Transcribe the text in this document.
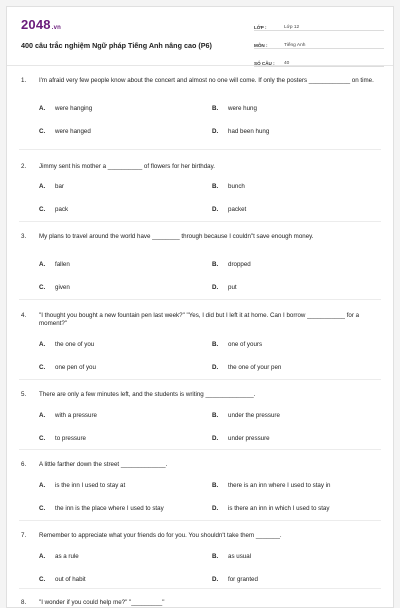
2048.vn
400 câu trắc nghiệm Ngữ pháp Tiếng Anh nâng cao (P6)
LỚP :	Lớp 12
MÔN :	Tiếng Anh
SỐ CÂU :	40
1. I'm afraid very few people know about the concert and almost no one will come. If only the posters ____________ on time.
A. were hanging	B. were hung
C. were hanged	D. had been hung
2. Jimmy sent his mother a __________ of flowers for her birthday.
A. bar	B. bunch
C. pack	D. packet
3. My plans to travel around the world have ________ through because I couldn"t save enough money.
A. fallen	B. dropped
C. given	D. put
4. "I thought you bought a new fountain pen last week?" "Yes, I did but I left it at home. Can I borrow ___________ for a moment?"
A. the one of you	B. one of yours
C. one pen of you	D. the one of your pen
5. There are only a few minutes left, and the students is writing ______________.
A. with a pressure	B. under the pressure
C. to pressure	D. under pressure
6. A little farther down the street _____________.
A. is the inn I used to stay at	B. there is an inn where I used to stay in
C. the inn is the place where I used to stay	D. is there an inn in which I used to stay
7. Remember to appreciate what your friends do for you. You shouldn't take them _______.
A. as a rule	B. as usual
C. out of habit	D. for granted
8. "I wonder if you could help me?" "_________"
